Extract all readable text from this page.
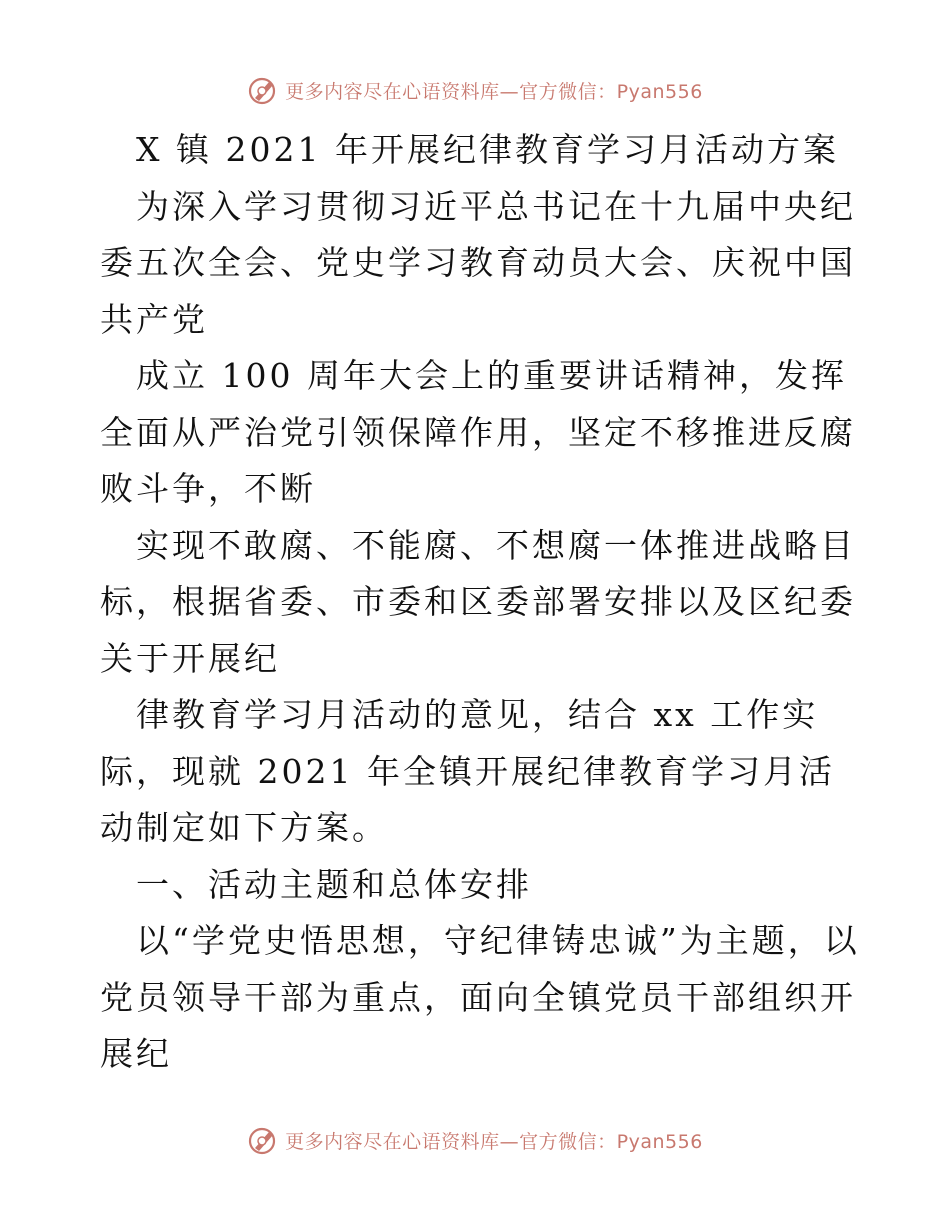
更多内容尽在心语资料库—官方微信：Pyan556

X 镇 2021 年开展纪律教育学习月活动方案

为深入学习贯彻习近平总书记在十九届中央纪委五次全会、党史学习教育动员大会、庆祝中国共产党

成立 100 周年大会上的重要讲话精神，发挥全面从严治党引领保障作用，坚定不移推进反腐败斗争，不断

实现不敢腐、不能腐、不想腐一体推进战略目标，根据省委、市委和区委部署安排以及区纪委关于开展纪

律教育学习月活动的意见，结合 xx 工作实际，现就 2021 年全镇开展纪律教育学习月活动制定如下方案。

一、活动主题和总体安排

以“学党史悟思想，守纪律铸忠诚”为主题，以党员领导干部为重点，面向全镇党员干部组织开展纪

更多内容尽在心语资料库—官方微信：Pyan556
